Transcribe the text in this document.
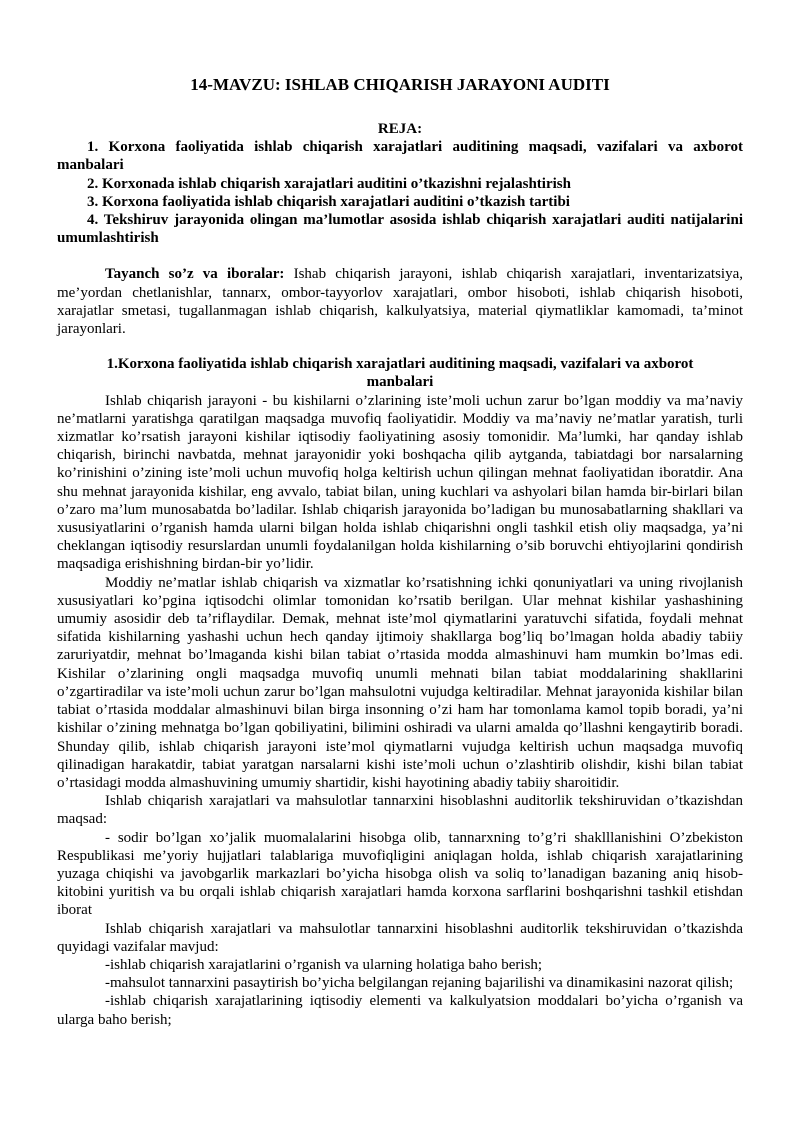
14-MAVZU: ISHLAB CHIQARISH JARAYONI AUDITI
REJA:
1. Korxona faoliyatida ishlab chiqarish xarajatlari auditining maqsadi, vazifalari va axborot manbalari
2. Korxonada ishlab chiqarish xarajatlari auditini o’tkazishni rejalashtirish
3. Korxona faoliyatida ishlab chiqarish xarajatlari auditini o’tkazish tartibi
4. Tekshiruv jarayonida olingan ma’lumotlar asosida ishlab chiqarish xarajatlari auditi natijalarini umumlashtirish

Tayanch so’z va iboralar: Ishab chiqarish jarayoni, ishlab chiqarish xarajatlari, inventarizatsiya, me’yordan chetlanishlar, tannarx, ombor-tayyorlov xarajatlari, ombor hisoboti, ishlab chiqarish hisoboti, xarajatlar smetasi, tugallanmagan ishlab chiqarish, kalkulyatsiya, material qiymatliklar kamomadi, ta’minot jarayonlari.

1.Korxona faoliyatida ishlab chiqarish xarajatlari auditining maqsadi, vazifalari va axborot manbalari

Ishlab chiqarish jarayoni - bu kishilarni o’zlarining iste’moli uchun zarur bo’lgan moddiy va ma’naviy ne’matlarni yaratishga qaratilgan maqsadga muvofiq faoliyatidir. Moddiy va ma’naviy ne’matlar yaratish, turli xizmatlar ko’rsatish jarayoni kishilar iqtisodiy faoliyatining asosiy tomonidir. Ma’lumki, har qanday ishlab chiqarish, birinchi navbatda, mehnat jarayonidir yoki boshqacha qilib aytganda, tabiatdagi bor narsalarning ko’rinishini o’zining iste’moli uchun muvofiq holga keltirish uchun qilingan mehnat faoliyatidan iboratdir. Ana shu mehnat jarayonida kishilar, eng avvalo, tabiat bilan, uning kuchlari va ashyolari bilan hamda bir-birlari bilan o’zaro ma’lum munosabatda bo’ladilar. Ishlab chiqarish jarayonida bo’ladigan bu munosabatlarning shakllari va xususiyatlarini o’rganish hamda ularni bilgan holda ishlab chiqarishni ongli tashkil etish oliy maqsadga, ya’ni cheklangan iqtisodiy resurslardan unumli foydalanilgan holda kishilarning o’sib boruvchi ehtiyojlarini qondirish maqsadiga erishishning birdan-bir yo’lidir.

Moddiy ne’matlar ishlab chiqarish va xizmatlar ko’rsatishning ichki qonuniyatlari va uning rivojlanish xususiyatlari ko’pgina iqtisodchi olimlar tomonidan ko’rsatib berilgan. Ular mehnat kishilar yashashining umumiy asosidir deb ta’riflaydilar. Demak, mehnat iste’mol qiymatlarini yaratuvchi sifatida, foydali mehnat sifatida kishilarning yashashi uchun hech qanday ijtimoiy shakllarga bog’liq bo’lmagan holda abadiy tabiiy zaruriyatdir, mehnat bo’lmaganda kishi bilan tabiat o’rtasida modda almashinuvi ham mumkin bo’lmas edi. Kishilar o’zlarining ongli maqsadga muvofiq unumli mehnati bilan tabiat moddalarining shakllarini o’zgartiradilar va iste’moli uchun zarur bo’lgan mahsulotni vujudga keltiradilar. Mehnat jarayonida kishilar bilan tabiat o’rtasida moddalar almashinuvi bilan birga insonning o’zi ham har tomonlama kamol topib boradi, ya’ni kishilar o’zining mehnatga bo’lgan qobiliyatini, bilimini oshiradi va ularni amalda qo’llashni kengaytirib boradi. Shunday qilib, ishlab chiqarish jarayoni iste’mol qiymatlarni vujudga keltirish uchun maqsadga muvofiq qilinadigan harakatdir, tabiat yaratgan narsalarni kishi iste’moli uchun o’zlashtirib olishdir, kishi bilan tabiat o’rtasidagi modda almashuvining umumiy shartidir, kishi hayotining abadiy tabiiy sharoitidir.

Ishlab chiqarish xarajatlari va mahsulotlar tannarxini hisoblashni auditorlik tekshiruvidan o’tkazishdan maqsad:

- sodir bo’lgan xo’jalik muomalalarini hisobga olib, tannarxning to’g’ri shaklllanishini O’zbekiston Respublikasi me’yoriy hujjatlari talablariga muvofiqligini aniqlagan holda, ishlab chiqarish xarajatlarining yuzaga chiqishi va javobgarlik markazlari bo’yicha hisobga olish va soliq to’lanadigan bazaning aniq hisob-kitobini yuritish va bu orqali ishlab chiqarish xarajatlari hamda korxona sarflarini boshqarishni tashkil etishdan iborat

Ishlab chiqarish xarajatlari va mahsulotlar tannarxini hisoblashni auditorlik tekshiruvidan o’tkazishda quyidagi vazifalar mavjud:

-ishlab chiqarish xarajatlarini o’rganish va ularning holatiga baho berish;

-mahsulot tannarxini pasaytirish bo’yicha belgilangan rejaning bajarilishi va dinamikasini nazorat qilish;

-ishlab chiqarish xarajatlarining iqtisodiy elementi va kalkulyatsion moddalari bo’yicha o’rganish va ularga baho berish;
